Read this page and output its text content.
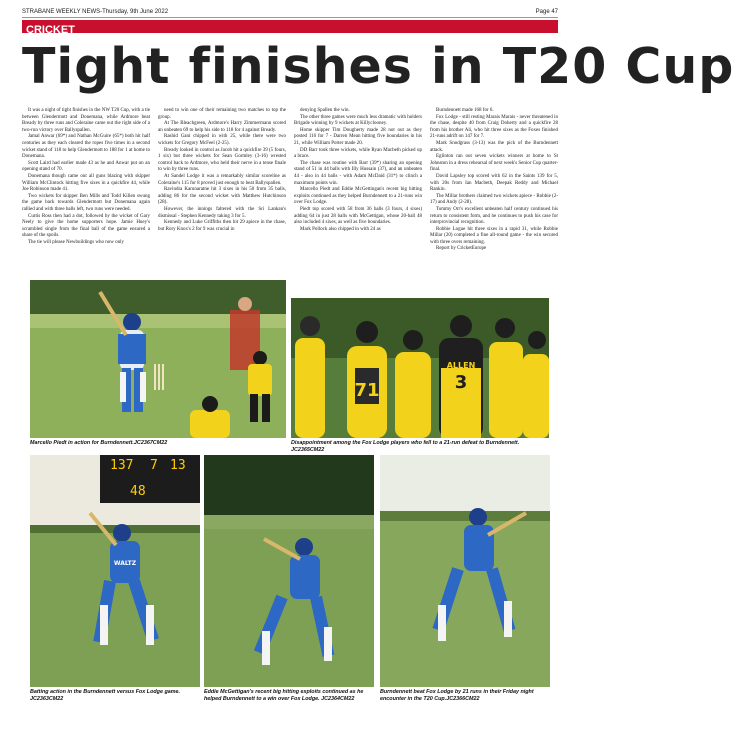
STRABANE WEEKLY NEWS-Thursday, 9th June 2022	Page 47
CRICKET
Tight finishes in T20 Cup

It was a night of tight finishes in the NW T20 Cup, with a tie between Glendermott and Donemana, while Ardmore beat Bready by three runs and Coleraine came out the right side of a two-run victory over Ballyspallen.

Jamal Anwar (69*) and Nathan McGuire (65*) both hit half centuries as they each cleared the ropes five times in a second wicket stand of 118 to help Glendermott to 188 for 1 at home to Donemana.

Scott Laird had earlier made 43 as he and Anwar put on an opening stand of 70.

Donemana though came out all guns blazing with skipper William McClintock hitting five sixes in a quickfire 44, while Joe Robinson made 41.

Two wickets for skipper Ben Mills and Todd Killen swung the game back towards Glendermott but Donemana again rallied and with three balls left, two runs were needed.

Curtis Ross then had a dot, followed by the wicket of Gary Neely to give the home supporters hope. Jamie Huey's scrambled single from the final ball of the game ensured a share of the spoils.

The tie will please Newbuildings who now only

need to win one of their remaining two matches to top the group.

At The Bleachgreen, Ardmore's Harry Zimmermann scored an unbeaten 69 to help his side to 118 for 4 against Bready.

Rashid Gani chipped in with 25, while there were two wickets for Gregory McFeel (2-25).

Bready looked in control as Jacob hit a quickfire 39 (5 fours, 1 six) but three wickets for Sean Gormley (3-16) wrested control back to Ardmore, who held their nerve in a tense finale to win by three runs.

At Sandel Lodge it was a remarkably similar scoreline as Coleraine's 115 for 8 proved just enough to beat Ballyspallen.

Ravindra Karunaratne hit 3 sixes in his 50 from 35 balls, adding 86 for the second wicket with Matthew Hutchinson (28).

However, the innings faltered with the Sri Lankan's dismissal - Stephen Kennedy taking 3 for 5.

Kennedy and Luke Griffiths then hit 29 apiece in the chase, but Rory Knox's 2 for 9 was crucial in

denying Spallen the win.

The other three games were much less dramatic with holders Brigade winning by 9 wickets at Killyclooney.

Home skipper Tim Dougherty made 28 not out as they posted 116 for 7 - Darren Mean hitting five boundaries in his 21, while William Porter made 20.

DD Barr took three wickets, while Ryan Macbeth picked up a brace.

The chase was routine with Barr (39*) sharing an opening stand of 51 in 44 balls with Illy Hussain (37), and an unbeaten 44 - also in 44 balls - with Adam McDaid (31*) to clinch a maximum points win.

Marcello Piedt and Eddie McGettingan's recent big hitting exploits continued as they helped Burndennett to a 21-runs win over Fox Lodge.

Piedt top scored with 58 from 36 balls (3 fours, 4 sixes) adding 64 in just 28 balls with McGettigan, whose 20-ball 48 also included 4 sixes, as well as five boundaries.

Mark Pollock also chipped in with 24 as

Burndennett made 168 for 6.

Fox Lodge - still resting Marais Marais - never threatened in the chase, despite 40 from Craig Doherty and a quickfire 28 from his brother Ali, who hit three sixes as the Foxes finished 21-runs adrift on 147 for 7.

Mark Snodgrass (3-13) was the pick of the Burndennett attack.

Eglinton ran out seven wickets winners at home to St Johnston in a dress rehearsal of next week's Senior Cup quarter-final.

David Lapsley top scored with 62 in the Saints 139 for 5, with 20s from Ian Macbeth, Deepak Reddy and Michael Rankin.

The Millar brothers claimed two wickets apiece - Robbie (2-17) and Andy (2-28).

Tommy Orr's excellent unbeaten half century continued his return to consistent form, and he continues to push his case for interprovincial recognition.

Robbie Logue hit three sixes in a rapid 31, while Robbie Millar (20) completed a fine all-round game - the win secured with three overs remaining.

Report by CricketEurope

Marcello Piedt in action for Burndennett.JC2367CM22
71
ALLEN
3
Disappointment among the Fox Lodge players who fell to a 21-run defeat to Burndennett. JC2365CM22
137 7 13
48
WALTZ
Batting action in the Burndennett versus Fox Lodge game. JC2363CM22
Eddie McGettigan's recent big hitting exploits continued as he helped Burndennett to a win over Fox Lodge. JC2364CM22
Burndennett beat Fox Lodge by 21 runs in their Friday night encounter in the T20 Cup.JC2366CM22
